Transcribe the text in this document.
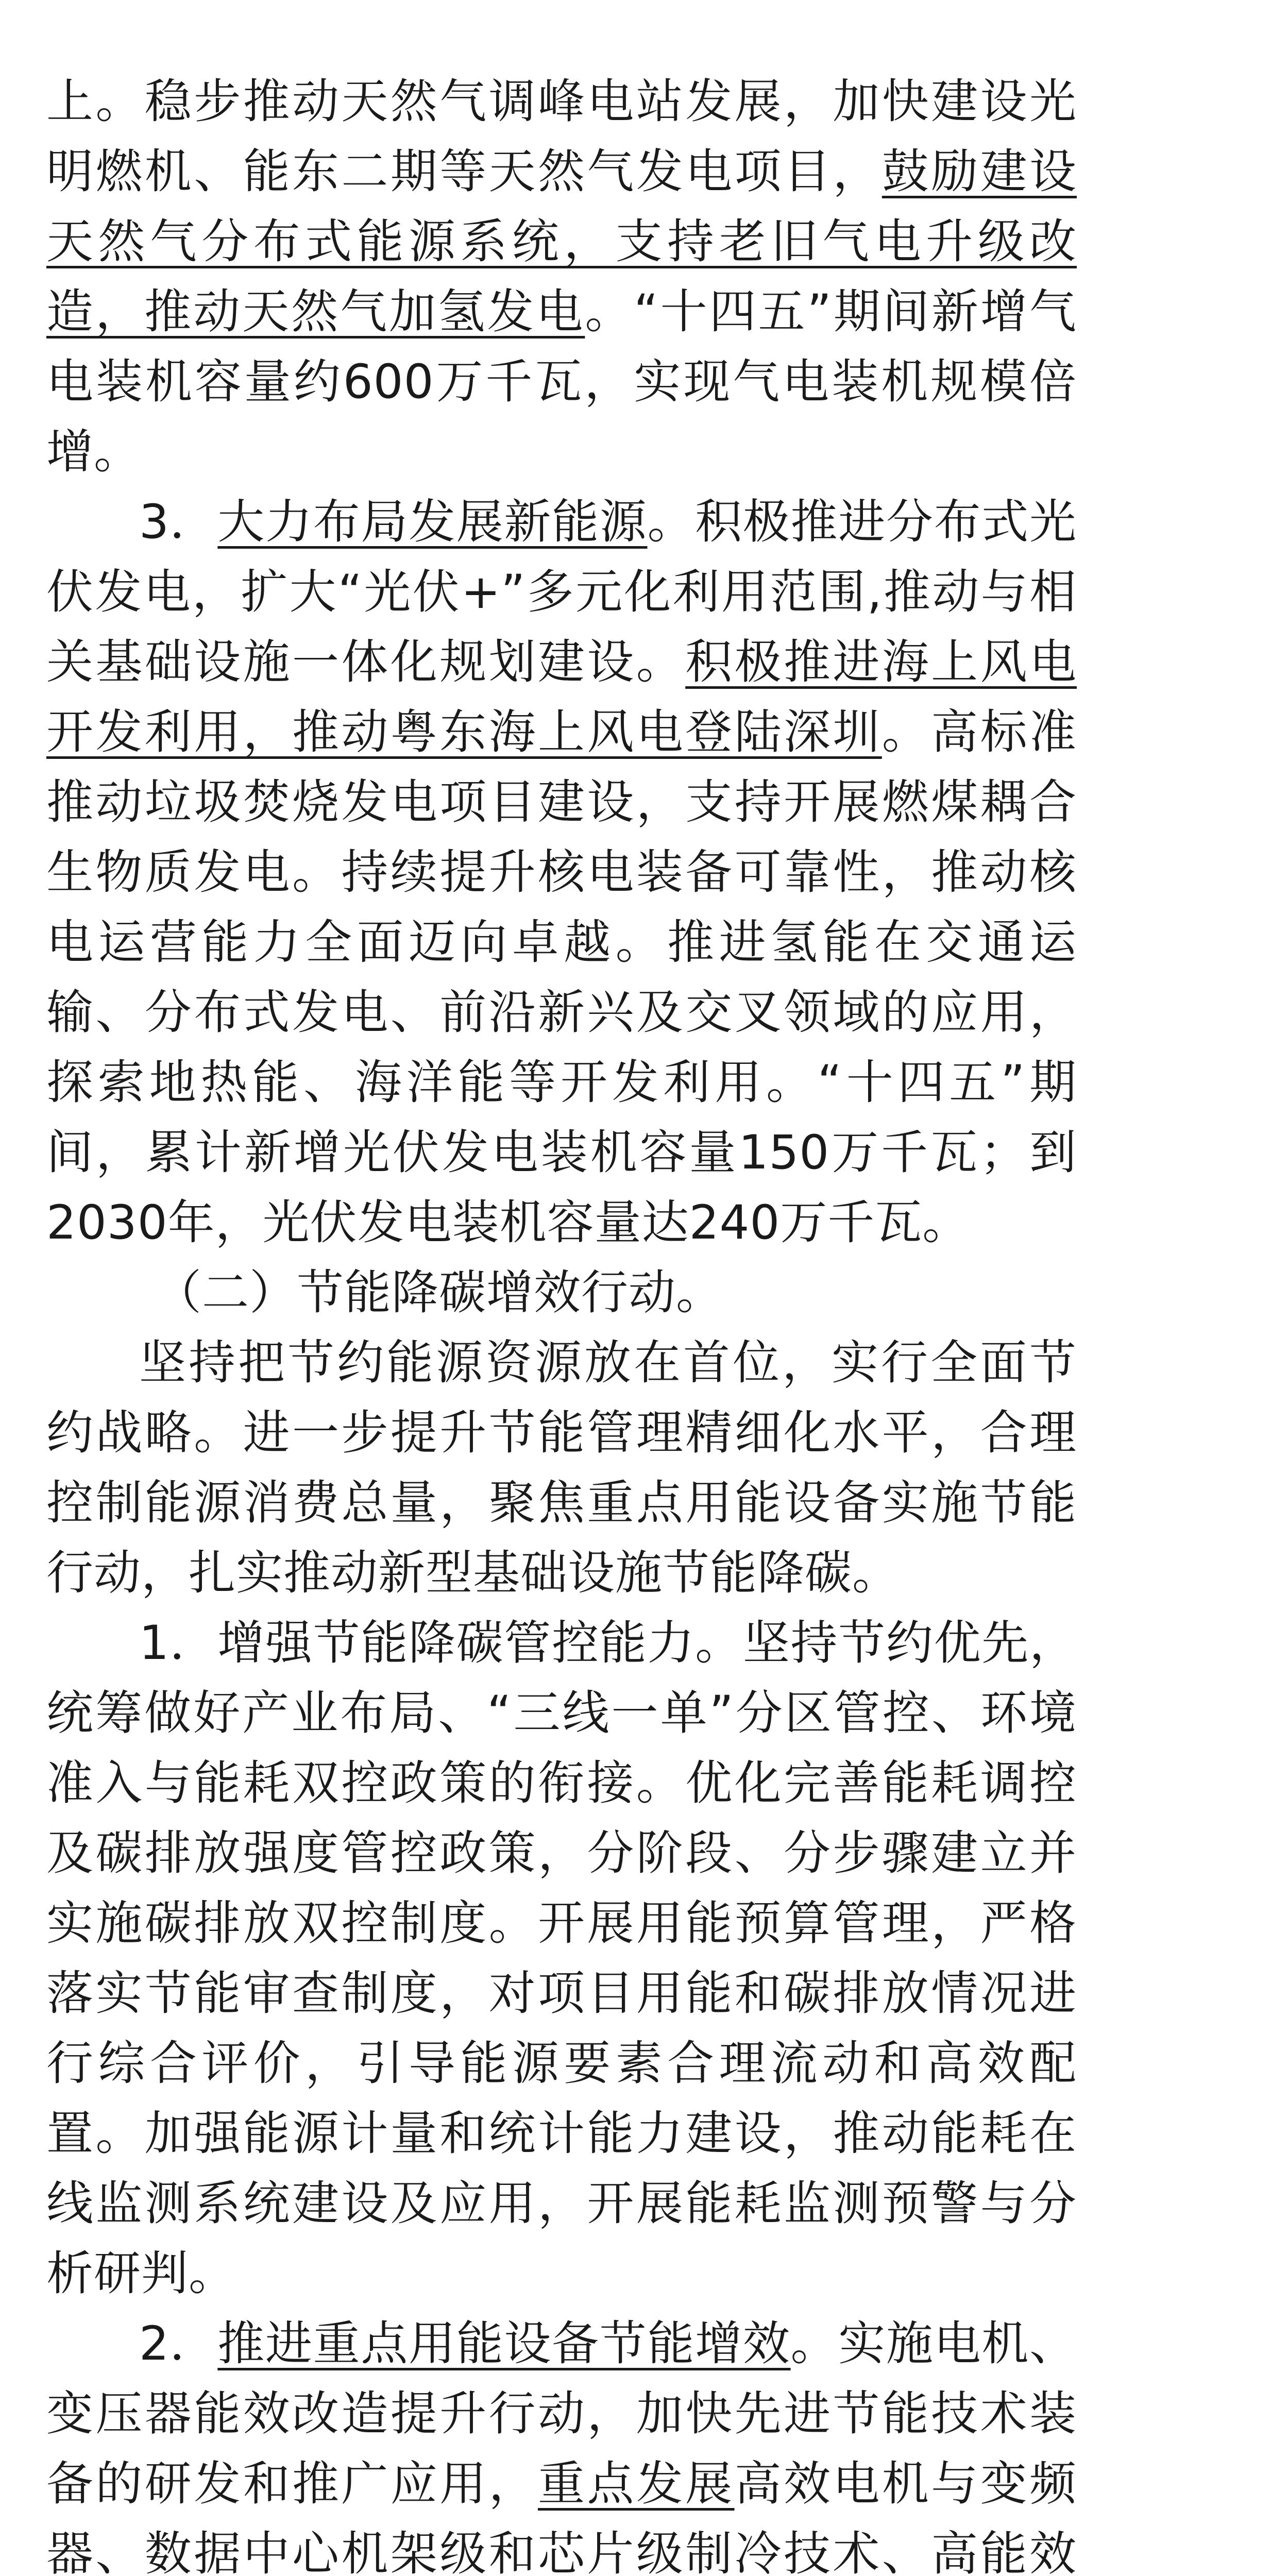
上。稳步推动天然气调峰电站发展，加快建设光明燃机、能东二期等天然气发电项目，鼓励建设天然气分布式能源系统，支持老旧气电升级改造，推动天然气加氢发电。“十四五”期间新增气电装机容量约600万千瓦，实现气电装机规模倍增。

3．大力布局发展新能源。积极推进分布式光伏发电，扩大“光伏+”多元化利用范围,推动与相关基础设施一体化规划建设。积极推进海上风电开发利用，推动粤东海上风电登陆深圳。高标准推动垃圾焚烧发电项目建设，支持开展燃煤耦合生物质发电。持续提升核电装备可靠性，推动核电运营能力全面迈向卓越。推进氢能在交通运输、分布式发电、前沿新兴及交叉领域的应用，探索地热能、海洋能等开发利用。“十四五”期间，累计新增光伏发电装机容量150万千瓦；到2030年，光伏发电装机容量达240万千瓦。

（二）节能降碳增效行动。

坚持把节约能源资源放在首位，实行全面节约战略。进一步提升节能管理精细化水平，合理控制能源消费总量，聚焦重点用能设备实施节能行动，扎实推动新型基础设施节能降碳。

1．增强节能降碳管控能力。坚持节约优先，统筹做好产业布局、“三线一单”分区管控、环境准入与能耗双控政策的衔接。优化完善能耗调控及碳排放强度管控政策，分阶段、分步骤建立并实施碳排放双控制度。开展用能预算管理，严格落实节能审查制度，对项目用能和碳排放情况进行综合评价，引导能源要素合理流动和高效配置。加强能源计量和统计能力建设，推动能耗在线监测系统建设及应用，开展能耗监测预警与分析研判。

2．推进重点用能设备节能增效。实施电机、变压器能效改造提升行动，加快先进节能技术装备的研发和推广应用，重点发展高效电机与变频器、数据中心机架级和芯片级制冷技术、高能效
